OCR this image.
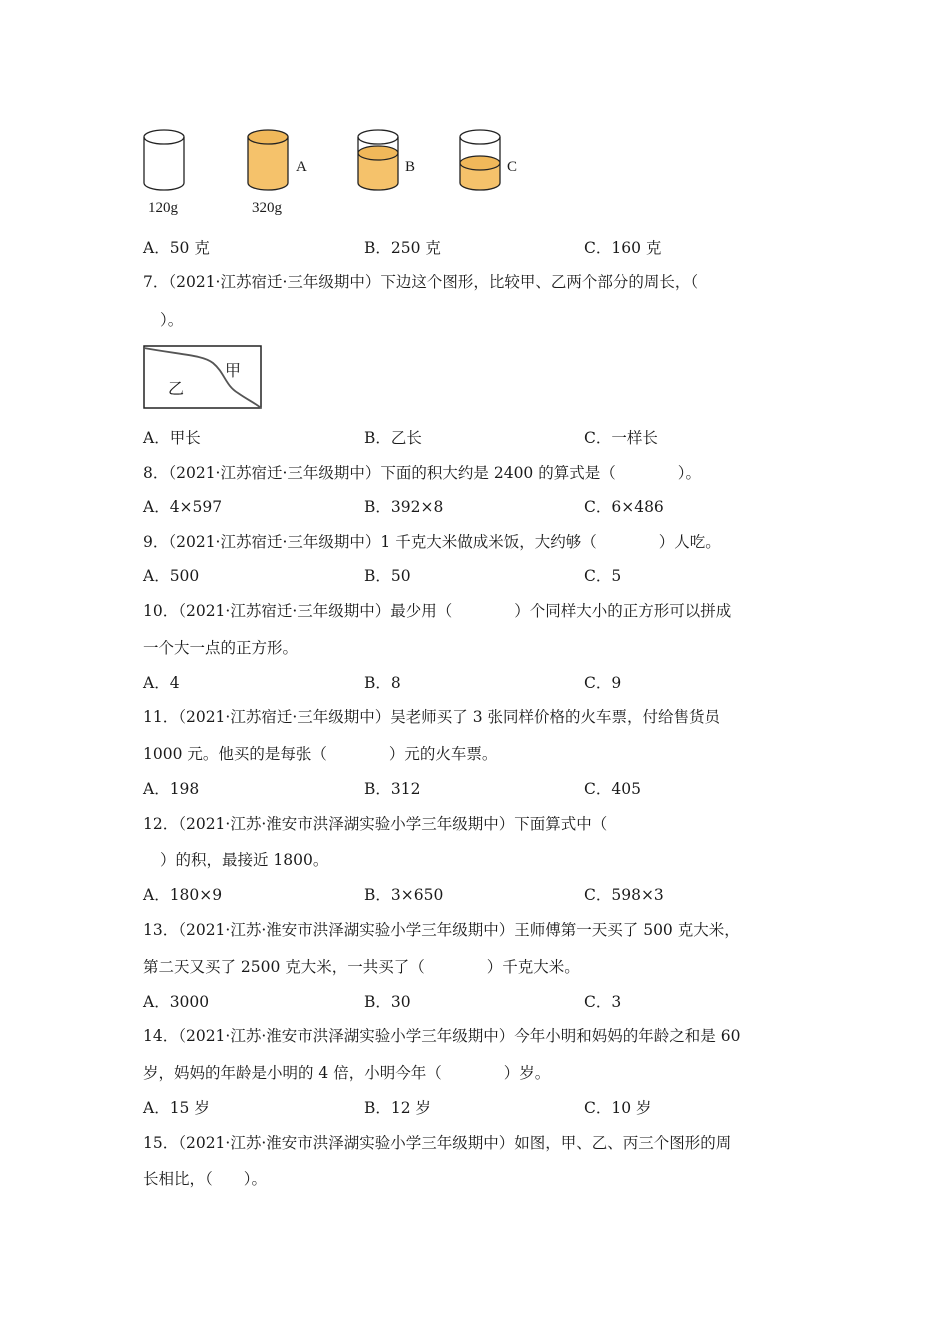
A	B	C
120g	320g
A．50 克	B．250 克	C．160 克
7．（2021·江苏宿迁·三年级期中）下边这个图形，比较甲、乙两个部分的周长，（
）。
甲
乙
A．甲长	B．乙长	C．一样长
8．（2021·江苏宿迁·三年级期中）下面的积大约是 2400 的算式是（　　　　）。
A．4×597	B．392×8	C．6×486
9．（2021·江苏宿迁·三年级期中）1 千克大米做成米饭，大约够（　　　　）人吃。
A．500	B．50	C．5
10．（2021·江苏宿迁·三年级期中）最少用（　　　　）个同样大小的正方形可以拼成
一个大一点的正方形。
A．4	B．8	C．9
11．（2021·江苏宿迁·三年级期中）吴老师买了 3 张同样价格的火车票，付给售货员
1000 元。他买的是每张（　　　　）元的火车票。
A．198	B．312	C．405
12．（2021·江苏·淮安市洪泽湖实验小学三年级期中）下面算式中（
）的积，最接近 1800。
A．180×9	B．3×650	C．598×3
13．（2021·江苏·淮安市洪泽湖实验小学三年级期中）王师傅第一天买了 500 克大米，
第二天又买了 2500 克大米，一共买了（　　　　）千克大米。
A．3000	B．30	C．3
14．（2021·江苏·淮安市洪泽湖实验小学三年级期中）今年小明和妈妈的年龄之和是 60
岁，妈妈的年龄是小明的 4 倍，小明今年（　　　　）岁。
A．15 岁	B．12 岁	C．10 岁
15．（2021·江苏·淮安市洪泽湖实验小学三年级期中）如图，甲、乙、丙三个图形的周
长相比，（　　）。
